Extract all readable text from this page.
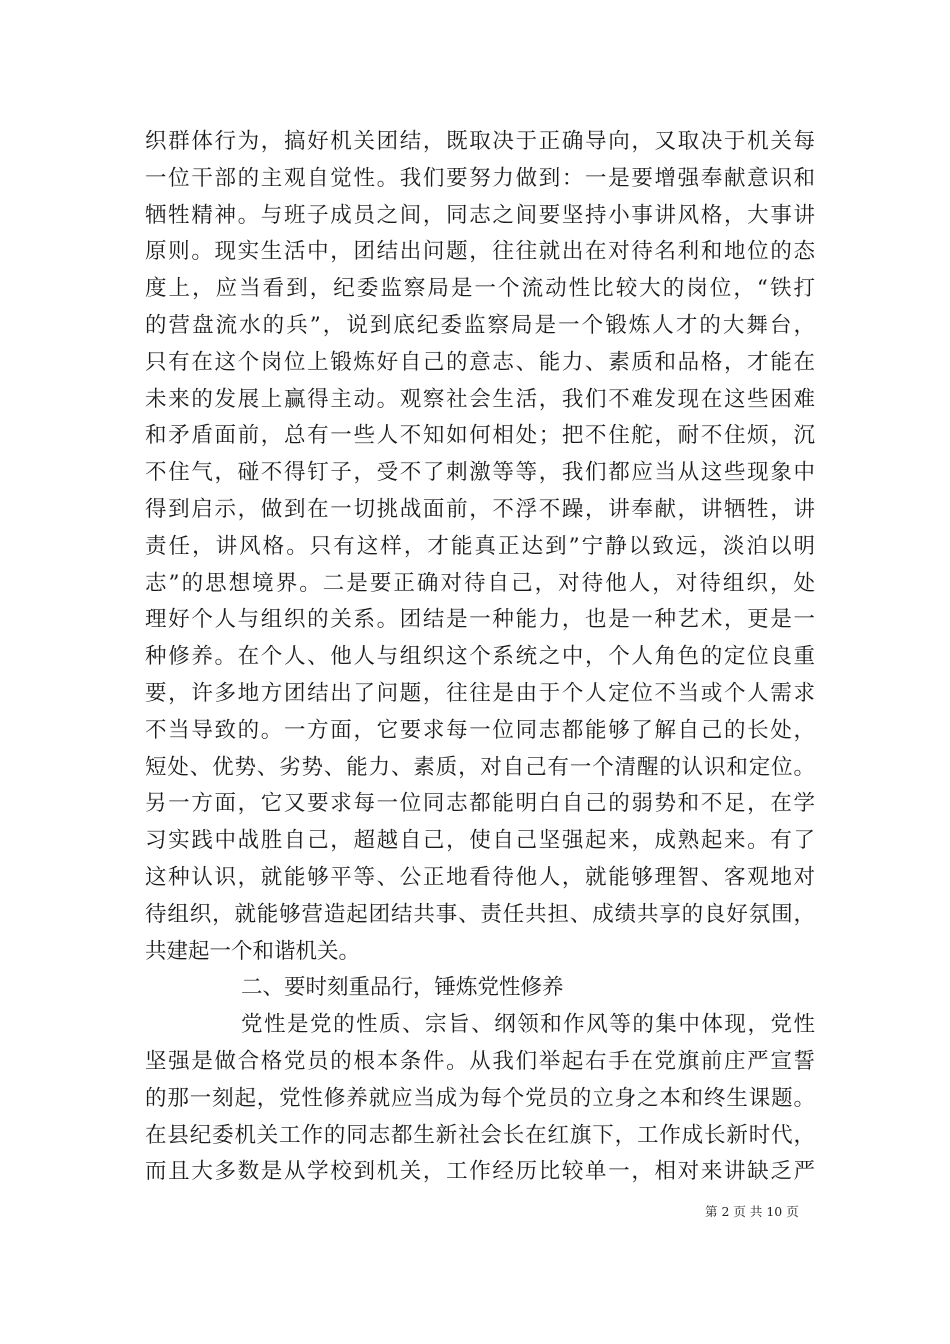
织群体行为，搞好机关团结，既取决于正确导向，又取决于机关每
一位干部的主观自觉性。我们要努力做到：一是要增强奉献意识和
牺牲精神。与班子成员之间，同志之间要坚持小事讲风格，大事讲
原则。现实生活中，团结出问题，往往就出在对待名利和地位的态
度上，应当看到，纪委监察局是一个流动性比较大的岗位，“铁打
的营盘流水的兵”，说到底纪委监察局是一个锻炼人才的大舞台，
只有在这个岗位上锻炼好自己的意志、能力、素质和品格，才能在
未来的发展上赢得主动。观察社会生活，我们不难发现在这些困难
和矛盾面前，总有一些人不知如何相处；把不住舵，耐不住烦，沉
不住气，碰不得钉子，受不了刺激等等，我们都应当从这些现象中
得到启示，做到在一切挑战面前，不浮不躁，讲奉献，讲牺牲，讲
责任，讲风格。只有这样，才能真正达到”宁静以致远，淡泊以明
志”的思想境界。二是要正确对待自己，对待他人，对待组织，处
理好个人与组织的关系。团结是一种能力，也是一种艺术，更是一
种修养。在个人、他人与组织这个系统之中，个人角色的定位良重
要，许多地方团结出了问题，往往是由于个人定位不当或个人需求
不当导致的。一方面，它要求每一位同志都能够了解自己的长处，
短处、优势、劣势、能力、素质，对自己有一个清醒的认识和定位。
另一方面，它又要求每一位同志都能明白自己的弱势和不足，在学
习实践中战胜自己，超越自己，使自己坚强起来，成熟起来。有了
这种认识，就能够平等、公正地看待他人，就能够理智、客观地对
待组织，就能够营造起团结共事、责任共担、成绩共享的良好氛围，
共建起一个和谐机关。
二、要时刻重品行，锤炼党性修养
党性是党的性质、宗旨、纲领和作风等的集中体现，党性
坚强是做合格党员的根本条件。从我们举起右手在党旗前庄严宣誓
的那一刻起，党性修养就应当成为每个党员的立身之本和终生课题。
在县纪委机关工作的同志都生新社会长在红旗下，工作成长新时代，
而且大多数是从学校到机关，工作经历比较单一，相对来讲缺乏严
第 2 页 共 10 页
